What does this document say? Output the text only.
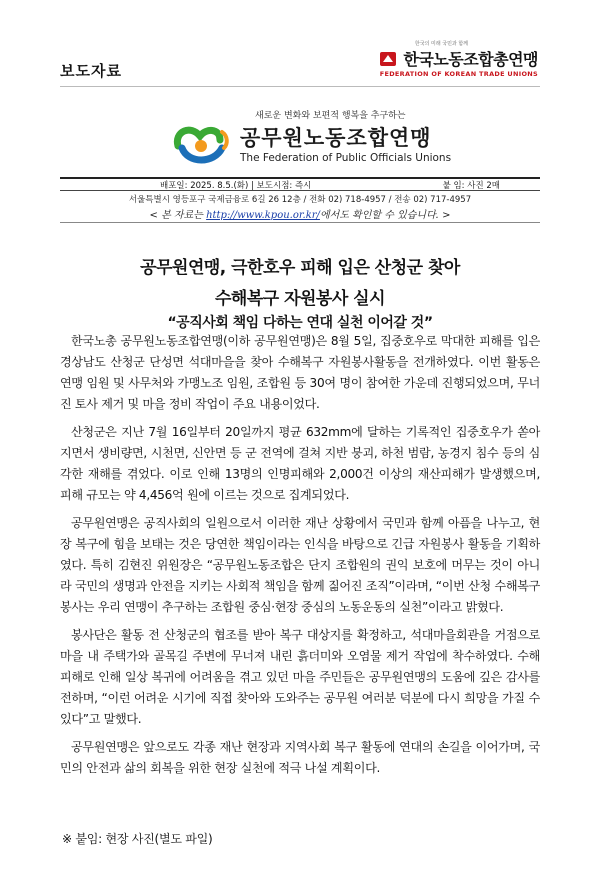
보도자료
한국의 미래 국민과 함께
한국노동조합총연맹
FEDERATION OF KOREAN TRADE UNIONS
새로운 변화와 보편적 행복을 추구하는
공무원노동조합연맹
The Federation of Public Officials Unions
배포일: 2025. 8.5.(화) | 보도시점: 즉시	붙 임: 사진 2매
서울특별시 영등포구 국제금융로 6길 26 12층 / 전화 02) 718-4957 / 전송 02) 717-4957
< 본 자료는 http://www.kpou.or.kr/에서도 확인할 수 있습니다. >
공무원연맹, 극한호우 피해 입은 산청군 찾아
수해복구 자원봉사 실시
“공직사회 책임 다하는 연대 실천 이어갈 것”

한국노총 공무원노동조합연맹(이하 공무원연맹)은 8월 5일, 집중호우로 막대한 피해를 입은 경상남도 산청군 단성면 석대마을을 찾아 수해복구 자원봉사활동을 전개하였다. 이번 활동은 연맹 임원 및 사무처와 가맹노조 임원, 조합원 등 30여 명이 참여한 가운데 진행되었으며, 무너진 토사 제거 및 마을 정비 작업이 주요 내용이었다.

산청군은 지난 7월 16일부터 20일까지 평균 632mm에 달하는 기록적인 집중호우가 쏟아지면서 생비량면, 시천면, 신안면 등 군 전역에 걸쳐 지반 붕괴, 하천 범람, 농경지 침수 등의 심각한 재해를 겪었다. 이로 인해 13명의 인명피해와 2,000건 이상의 재산피해가 발생했으며, 피해 규모는 약 4,456억 원에 이르는 것으로 집계되었다.

공무원연맹은 공직사회의 일원으로서 이러한 재난 상황에서 국민과 함께 아픔을 나누고, 현장 복구에 힘을 보태는 것은 당연한 책임이라는 인식을 바탕으로 긴급 자원봉사 활동을 기획하였다. 특히 김현진 위원장은 “공무원노동조합은 단지 조합원의 권익 보호에 머무는 것이 아니라 국민의 생명과 안전을 지키는 사회적 책임을 함께 짊어진 조직”이라며, “이번 산청 수해복구 봉사는 우리 연맹이 추구하는 조합원 중심·현장 중심의 노동운동의 실천”이라고 밝혔다.

봉사단은 활동 전 산청군의 협조를 받아 복구 대상지를 확정하고, 석대마을회관을 거점으로 마을 내 주택가와 골목길 주변에 무너져 내린 흙더미와 오염물 제거 작업에 착수하였다. 수해 피해로 인해 일상 복귀에 어려움을 겪고 있던 마을 주민들은 공무원연맹의 도움에 깊은 감사를 전하며, “이런 어려운 시기에 직접 찾아와 도와주는 공무원 여러분 덕분에 다시 희망을 가질 수 있다”고 말했다.

공무원연맹은 앞으로도 각종 재난 현장과 지역사회 복구 활동에 연대의 손길을 이어가며, 국민의 안전과 삶의 회복을 위한 현장 실천에 적극 나설 계획이다.

※ 붙임: 현장 사진(별도 파일)
